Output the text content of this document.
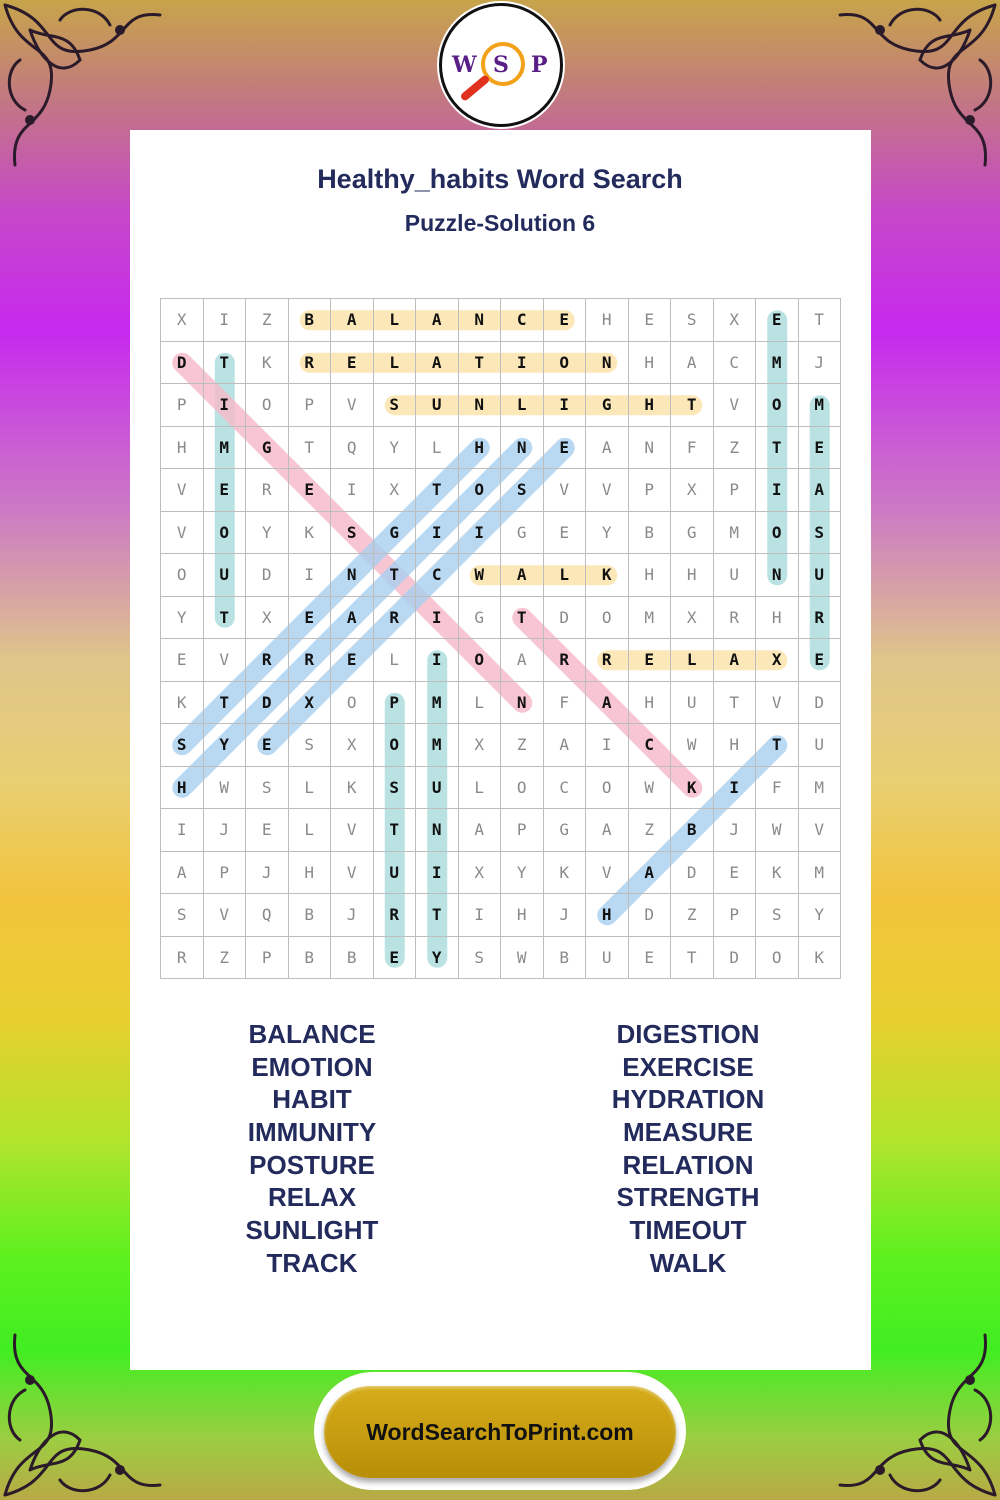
W S P
Healthy_habits Word Search
Puzzle-Solution 6
X	I	Z	B	A	L	A	N	C	E	H	E	S	X	E	T
D	T	K	R	E	L	A	T	I	O	N	H	A	C	M	J
P	I	O	P	V	S	U	N	L	I	G	H	T	V	O	M
H	M	G	T	Q	Y	L	H	N	E	A	N	F	Z	T	E
V	E	R	E	I	X	T	O	S	V	V	P	X	P	I	A
V	O	Y	K	S	G	I	I	G	E	Y	B	G	M	O	S
O	U	D	I	N	T	C	W	A	L	K	H	H	U	N	U
Y	T	X	E	A	R	I	G	T	D	O	M	X	R	H	R
E	V	R	R	E	L	I	O	A	R	R	E	L	A	X	E
K	T	D	X	O	P	M	L	N	F	A	H	U	T	V	D
S	Y	E	S	X	O	M	X	Z	A	I	C	W	H	T	U
H	W	S	L	K	S	U	L	O	C	O	W	K	I	F	M
I	J	E	L	V	T	N	A	P	G	A	Z	B	J	W	V
A	P	J	H	V	U	I	X	Y	K	V	A	D	E	K	M
S	V	Q	B	J	R	T	I	H	J	H	D	Z	P	S	Y
R	Z	P	B	B	E	Y	S	W	B	U	E	T	D	O	K
BALANCE
EMOTION
HABIT
IMMUNITY
POSTURE
RELAX
SUNLIGHT
TRACK
DIGESTION
EXERCISE
HYDRATION
MEASURE
RELATION
STRENGTH
TIMEOUT
WALK
WordSearchToPrint.com
